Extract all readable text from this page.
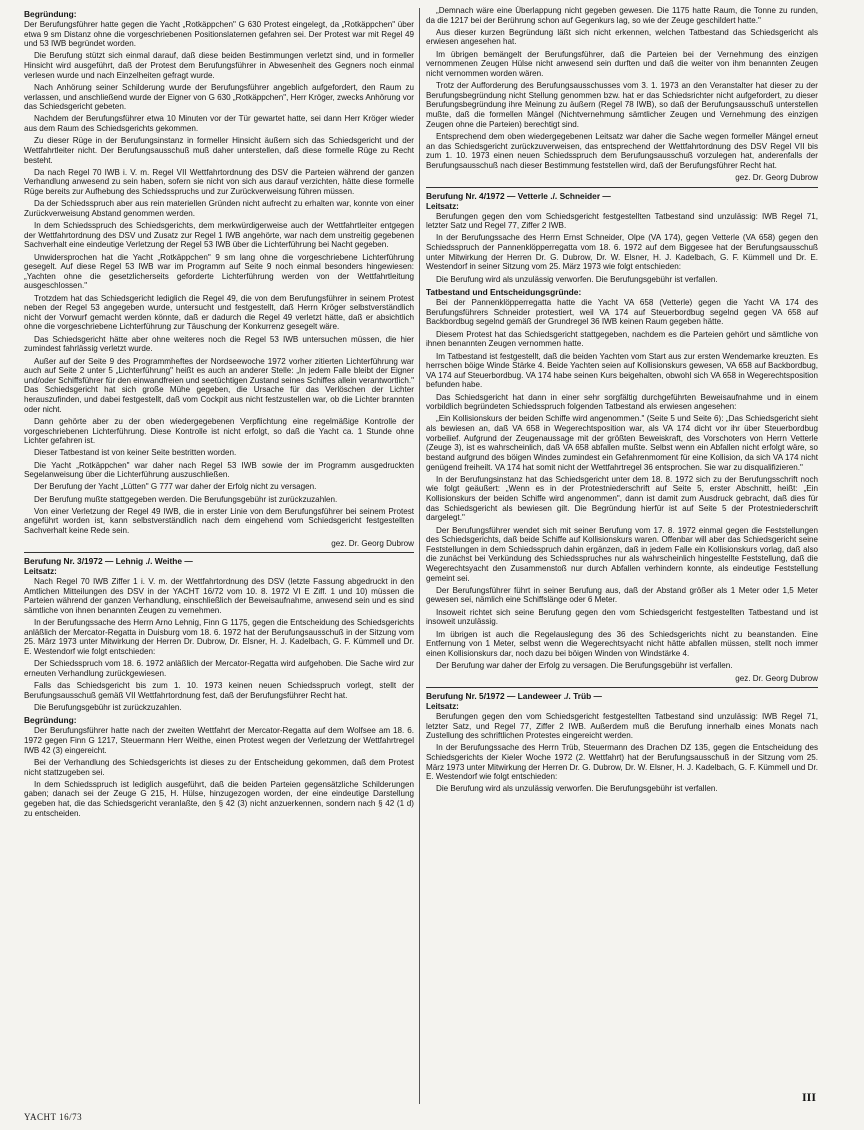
Begründung:

Der Berufungsführer hatte gegen die Yacht „Rotkäppchen" G 630 Protest eingelegt, da „Rotkäppchen" über etwa 9 sm Distanz ohne die vorgeschriebenen Positionslaternen gefahren sei. Der Protest war mit Regel 49 und 53 IWB begründet worden.

Die Berufung stützt sich einmal darauf, daß diese beiden Bestimmungen verletzt sind, und in formeller Hinsicht wird ausgeführt, daß der Protest dem Berufungsführer in Abwesenheit des Gegners noch einmal verlesen wurde und nach Einzelheiten gefragt wurde.

Nach Anhörung seiner Schilderung wurde der Berufungsführer angeblich aufgefordert, den Raum zu verlassen, und anschließend wurde der Eigner von G 630 „Rotkäppchen", Herr Kröger, zwecks Anhörung vor das Schiedsgericht gebeten.

Nachdem der Berufungsführer etwa 10 Minuten vor der Tür gewartet hatte, sei dann Herr Kröger wieder aus dem Raum des Schiedsgerichts gekommen.

Zu dieser Rüge in der Berufungsinstanz in formeller Hinsicht äußern sich das Schiedsgericht und der Wettfahrtleiter nicht. Der Berufungsausschuß muß daher unterstellen, daß diese formelle Rüge zu Recht besteht.

Da nach Regel 70 IWB i. V. m. Regel VII Wettfahrtordnung des DSV die Parteien während der ganzen Verhandlung anwesend zu sein haben, sofern sie nicht von sich aus darauf verzichten, hätte diese formelle Rüge bereits zur Aufhebung des Schiedsspruchs und zur Zurückverweisung führen müssen.

Da der Schiedsspruch aber aus rein materiellen Gründen nicht aufrecht zu erhalten war, konnte von einer Zurückverweisung Abstand genommen werden.

In dem Schiedsspruch des Schiedsgerichts, dem merkwürdigerweise auch der Wettfahrtleiter entgegen der Wettfahrtordnung des DSV und Zusatz zur Regel 1 IWB angehörte, war nach dem unstreitig gegebenen Sachverhalt eine eindeutige Verletzung der Regel 53 IWB über die Lichterführung bei Nacht gegeben.

Unwidersprochen hat die Yacht „Rotkäppchen" 9 sm lang ohne die vorgeschriebene Lichterführung gesegelt. Auf diese Regel 53 IWB war im Programm auf Seite 9 noch einmal besonders hingewiesen: „Yachten ohne die gesetzlicherseits geforderte Lichterführung werden von der Wettfahrtleitung ausgeschlossen."

Trotzdem hat das Schiedsgericht lediglich die Regel 49, die von dem Berufungsführer in seinem Protest neben der Regel 53 angegeben wurde, untersucht und festgestellt, daß Herrn Kröger selbstverständlich nicht der Vorwurf gemacht werden könnte, daß er dadurch die Regel 49 verletzt hätte, daß er absichtlich ohne die vorgeschriebene Lichterführung zur Täuschung der Konkurrenz gesegelt wäre.

Das Schiedsgericht hätte aber ohne weiteres noch die Regel 53 IWB untersuchen müssen, die hier zumindest fahrlässig verletzt wurde.

Außer auf der Seite 9 des Programmheftes der Nordseewoche 1972 vorher zitierten Lichterführung war auch auf Seite 2 unter 5 „Lichterführung" heißt es auch an anderer Stelle: „In jedem Falle bleibt der Eigner und/oder Schiffsführer für den einwandfreien und seetüchtigen Zustand seines Schiffes allein verantwortlich." Das Schiedsgericht hat sich große Mühe gegeben, die Ursache für das Verlöschen der Lichter herauszufinden, und dabei festgestellt, daß vom Cockpit aus nicht festzustellen war, ob die Lichter brannten oder nicht.

Dann gehörte aber zu der oben wiedergegebenen Verpflichtung eine regelmäßige Kontrolle der vorgeschriebenen Lichterführung. Diese Kontrolle ist nicht erfolgt, so daß die Yacht ca. 1 Stunde ohne Lichter gefahren ist.

Dieser Tatbestand ist von keiner Seite bestritten worden.

Die Yacht „Rotkäppchen" war daher nach Regel 53 IWB sowie der im Programm ausgedruckten Segelanweisung über die Lichterführung auszuschließen.

Der Berufung der Yacht „Lütten" G 777 war daher der Erfolg nicht zu versagen.

Der Berufung mußte stattgegeben werden. Die Berufungsgebühr ist zurückzuzahlen.

Von einer Verletzung der Regel 49 IWB, die in erster Linie von dem Berufungsführer bei seinem Protest angeführt worden ist, kann selbstverständlich nach dem eingehend vom Schiedsgericht festgestellten Sachverhalt keine Rede sein.

gez. Dr. Georg Dubrow

Berufung Nr. 3/1972 — Lehnig ./. Weithe —
Leitsatz:

Nach Regel 70 IWB Ziffer 1 i. V. m. der Wettfahrtordnung des DSV (letzte Fassung abgedruckt in den Amtlichen Mitteilungen des DSV in der YACHT 16/72 vom 10. 8. 1972 VI E Ziff. 1 und 10) müssen die Parteien während der ganzen Verhandlung, einschließlich der Beweisaufnahme, anwesend sein und es sind sämtliche von ihnen benannten Zeugen zu vernehmen.

In der Berufungssache des Herrn Arno Lehnig, Finn G 1175, gegen die Entscheidung des Schiedsgerichts anläßlich der Mercator-Regatta in Duisburg vom 18. 6. 1972 hat der Berufungsausschuß in der Sitzung vom 25. März 1973 unter Mitwirkung der Herren Dr. Dubrow, Dr. Elsner, H. J. Kadelbach, G. F. Kümmell und Dr. E. Westendorf wie folgt entschieden:

Der Schiedsspruch vom 18. 6. 1972 anläßlich der Mercator-Regatta wird aufgehoben. Die Sache wird zur erneuten Verhandlung zurückgewiesen.

Falls das Schiedsgericht bis zum 1. 10. 1973 keinen neuen Schiedsspruch vorlegt, stellt der Berufungsausschuß gemäß VII Wettfahrtordnung fest, daß der Berufungsführer Recht hat.

Die Berufungsgebühr ist zurückzuzahlen.

Begründung:

Der Berufungsführer hatte nach der zweiten Wettfahrt der Mercator-Regatta auf dem Wolfsee am 18. 6. 1972 gegen Finn G 1217, Steuermann Herr Weithe, einen Protest wegen der Verletzung der Wettfahrtregel IWB 42 (3) eingereicht.

Bei der Verhandlung des Schiedsgerichts ist dieses zu der Entscheidung gekommen, daß dem Protest nicht stattzugeben sei.

In dem Schiedsspruch ist lediglich ausgeführt, daß die beiden Parteien gegensätzliche Schilderungen gaben; danach sei der Zeuge G 215, H. Hülse, hinzugezogen worden, der eine eindeutige Darstellung gegeben hat, die das Schiedsgericht veranlaßte, den § 42 (3) nicht anzuerkennen, sondern nach § 42 (1 d) zu entscheiden.

„Demnach wäre eine Überlappung nicht gegeben gewesen. Die 1175 hatte Raum, die Tonne zu runden, da die 1217 bei der Berührung schon auf Gegenkurs lag, so wie der Zeuge geschildert hatte."

Aus dieser kurzen Begründung läßt sich nicht erkennen, welchen Tatbestand das Schiedsgericht als erwiesen angesehen hat.

Im übrigen bemängelt der Berufungsführer, daß die Parteien bei der Vernehmung des einzigen vernommenen Zeugen Hülse nicht anwesend sein durften und daß die weiter von ihm benannten Zeugen nicht vernommen worden wären.

Trotz der Aufforderung des Berufungsausschusses vom 3. 1. 1973 an den Veranstalter hat dieser zu der Berufungsbegründung nicht Stellung genommen bzw. hat er das Schiedsrichter nicht aufgefordert, zu dieser Berufungsbegründung ihre Meinung zu äußern (Regel 78 IWB), so daß der Berufungsausschuß unterstellen mußte, daß die formellen Mängel (Nichtvernehmung sämtlicher Zeugen und Vernehmung des einzigen Zeugen ohne die Parteien) berechtigt sind.

Entsprechend dem oben wiedergegebenen Leitsatz war daher die Sache wegen formeller Mängel erneut an das Schiedsgericht zurückzuverweisen, das entsprechend der Wettfahrtordnung des DSV Regel VII bis zum 1. 10. 1973 einen neuen Schiedsspruch dem Berufungsausschuß vorzulegen hat, anderenfalls der Berufungsausschuß nach dieser Bestimmung feststellen wird, daß der Berufungsführer Recht hat.

gez. Dr. Georg Dubrow

Berufung Nr. 4/1972 — Vetterle ./. Schneider —
Leitsatz:

Berufungen gegen den vom Schiedsgericht festgestellten Tatbestand sind unzulässig: IWB Regel 71, letzter Satz und Regel 77, Ziffer 2 IWB.

In der Berufungssache des Herrn Ernst Schneider, Olpe (VA 174), gegen Vetterle (VA 658) gegen den Schiedsspruch der Pannenklöpperregatta vom 18. 6. 1972 auf dem Biggesee hat der Berufungsausschuß unter Mitwirkung der Herren Dr. G. Dubrow, Dr. W. Elsner, H. J. Kadelbach, G. F. Kümmell und Dr. E. Westendorf in seiner Sitzung vom 25. März 1973 wie folgt entschieden:

Die Berufung wird als unzulässig verworfen. Die Berufungsgebühr ist verfallen.

Tatbestand und Entscheidungsgründe:

Bei der Pannenklöpperregatta hatte die Yacht VA 658 (Vetterle) gegen die Yacht VA 174 des Berufungsführers Schneider protestiert, weil VA 174 auf Steuerbordbug segelnd gegen VA 658 auf Backbordbug segelnd gemäß der Grundregel 36 IWB keinen Raum gegeben hätte.

Diesem Protest hat das Schiedsgericht stattgegeben, nachdem es die Parteien gehört und sämtliche von ihnen benannten Zeugen vernommen hatte.

Im Tatbestand ist festgestellt, daß die beiden Yachten vom Start aus zur ersten Wendemarke kreuzten. Es herrschen böige Winde Stärke 4. Beide Yachten seien auf Kollisionskurs gewesen, VA 658 auf Backbordbug, VA 174 auf Steuerbordbug. VA 174 habe seinen Kurs beigehalten, obwohl sich VA 658 in Wegerechtsposition befunden habe.

Das Schiedsgericht hat dann in einer sehr sorgfältig durchgeführten Beweisaufnahme und in einem vorbildlich begründeten Schiedsspruch folgenden Tatbestand als erwiesen angesehen:

„Ein Kollisionskurs der beiden Schiffe wird angenommen." (Seite 5 und Seite 6): „Das Schiedsgericht sieht als bewiesen an, daß VA 658 in Wegerechtsposition war, als VA 174 dicht vor ihr über Steuerbordbug vorbeilief. Aufgrund der Zeugenaussage mit der größten Beweiskraft, des Vorschoters von Herrn Vetterle (Zeuge 3), ist es wahrscheinlich, daß VA 658 abfallen mußte. Selbst wenn ein Abfallen nicht erfolgt wäre, so bestand aufgrund des böigen Windes zumindest ein Gefahrenmoment für eine Kollision, da sich VA 174 nicht genügend freiheilt. VA 174 hat somit nicht der Wettfahrtregel 36 entsprochen. Sie war zu disqualifizieren."

In der Berufungsinstanz hat das Schiedsgericht unter dem 18. 8. 1972 sich zu der Berufungsschrift noch wie folgt geäußert: „Wenn es in der Protestniederschrift auf Seite 5, erster Abschnitt, heißt: „Ein Kollisionskurs der beiden Schiffe wird angenommen", dann ist damit zum Ausdruck gebracht, daß dies für das Schiedsgericht als bewiesen gilt. Die Begründung hierfür ist auf Seite 5 der Protestniederschrift dargelegt."

Der Berufungsführer wendet sich mit seiner Berufung vom 17. 8. 1972 einmal gegen die Feststellungen des Schiedsgerichts, daß beide Schiffe auf Kollisionskurs waren. Offenbar will aber das Schiedsgericht seine Feststellungen in dem Schiedsspruch dahin ergänzen, daß in jedem Falle ein Kollisionskurs vorlag, daß also die zunächst bei Verkündung des Schiedsspruches nur als wahrscheinlich hingestellte Feststellung, daß die Wegerechtsyacht den Zusammenstoß nur durch Abfallen verhindern konnte, als eindeutige Feststellung gemeint sei.

Der Berufungsführer führt in seiner Berufung aus, daß der Abstand größer als 1 Meter oder 1,5 Meter gewesen sei, nämlich eine Schiffslänge oder 6 Meter.

Insoweit richtet sich seine Berufung gegen den vom Schiedsgericht festgestellten Tatbestand und ist insoweit unzulässig.

Im übrigen ist auch die Regelauslegung des 36 des Schiedsgerichts nicht zu beanstanden. Eine Entfernung von 1 Meter, selbst wenn die Wegerechtsyacht nicht hätte abfallen müssen, stellt noch immer einen Kollisionskurs dar, noch dazu bei böigen Winden von Windstärke 4.

Der Berufung war daher der Erfolg zu versagen. Die Berufungsgebühr ist verfallen.

gez. Dr. Georg Dubrow

Berufung Nr. 5/1972 — Landeweer ./. Trüb —
Leitsatz:

Berufungen gegen den vom Schiedsgericht festgestellten Tatbestand sind unzulässig: IWB Regel 71, letzter Satz, und Regel 77, Ziffer 2 IWB. Außerdem muß die Berufung innerhalb eines Monats nach Zustellung des schriftlichen Protestes eingereicht werden.

In der Berufungssache des Herrn Trüb, Steuermann des Drachen DZ 135, gegen die Entscheidung des Schiedsgerichts der Kieler Woche 1972 (2. Wettfahrt) hat der Berufungsausschuß in der Sitzung vom 25. März 1973 unter Mitwirkung der Herren Dr. G. Dubrow, Dr. W. Elsner, H. J. Kadelbach, G. F. Kümmell und Dr. E. Westendorf wie folgt entschieden:

Die Berufung wird als unzulässig verworfen. Die Berufungsgebühr ist verfallen.

YACHT 16/73
III
